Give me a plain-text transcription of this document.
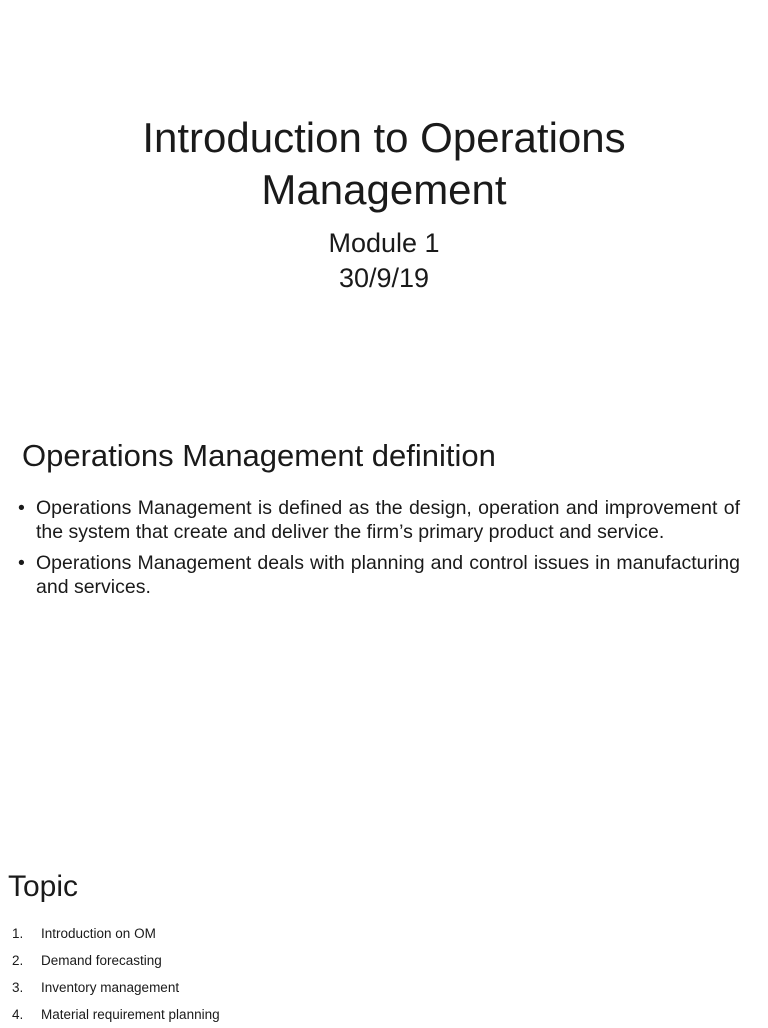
Introduction to Operations
Management
Module 1
30/9/19
Operations Management definition
• Operations Management is defined as the design, operation and improvement of the system that create and deliver the firm’s primary product and service.
• Operations Management deals with planning and control issues in manufacturing and services.
Topic
1.	Introduction on OM
2.	Demand forecasting
3.	Inventory management
4.	Material requirement planning
